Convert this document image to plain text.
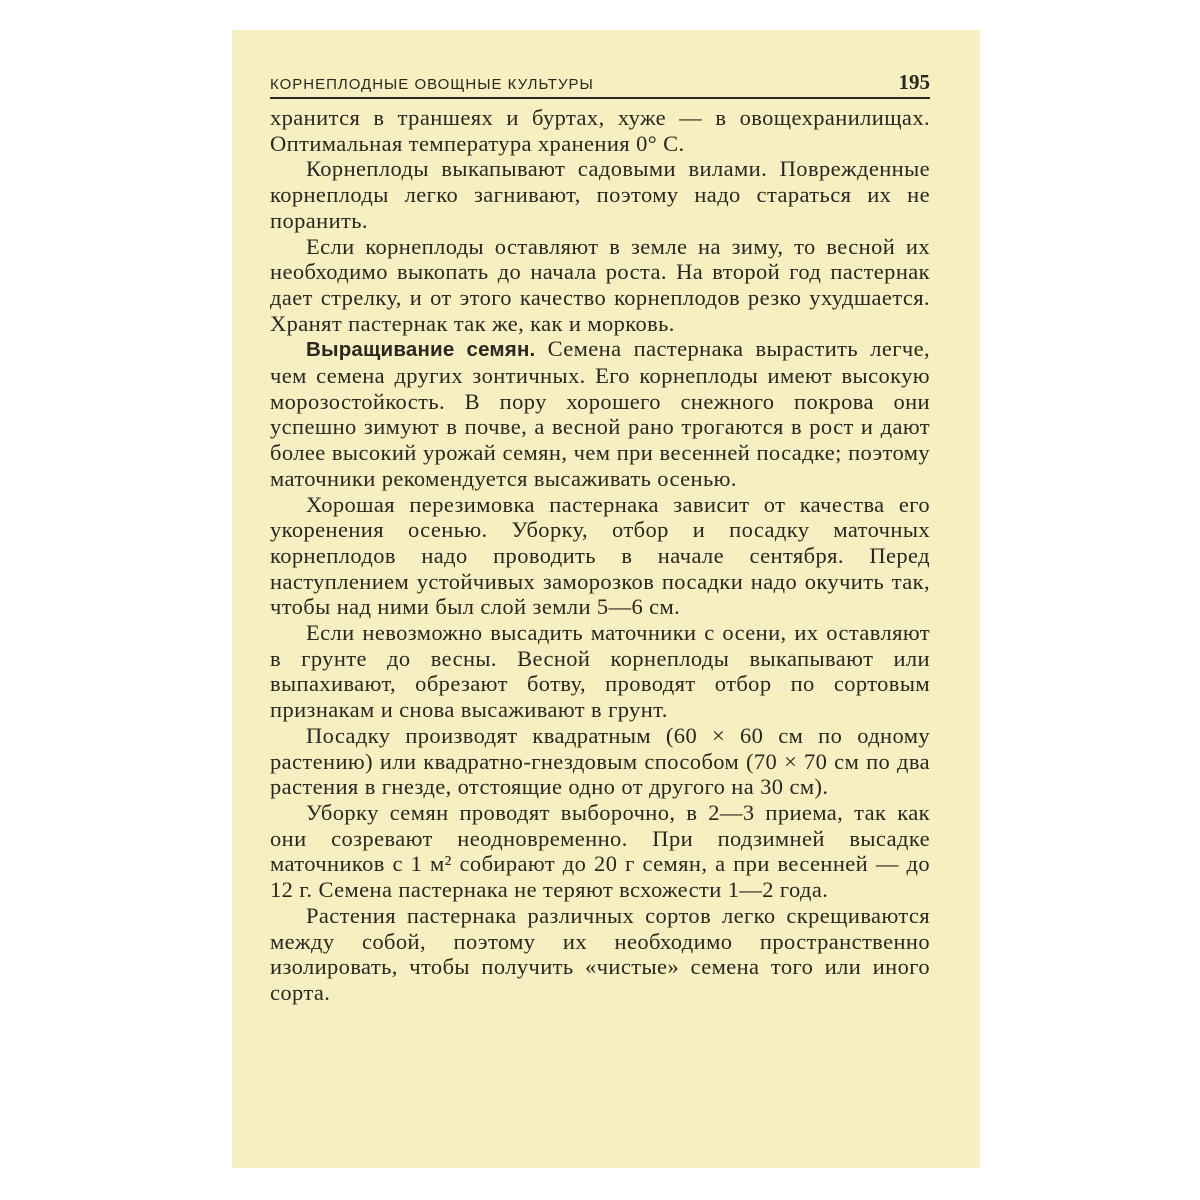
КОРНЕПЛОДНЫЕ ОВОЩНЫЕ КУЛЬТУРЫ	195

хранится в траншеях и буртах, хуже — в овощехранилищах. Оптимальная температура хранения 0° С.

Корнеплоды выкапывают садовыми вилами. Поврежденные корнеплоды легко загнивают, поэтому надо стараться их не поранить.

Если корнеплоды оставляют в земле на зиму, то весной их необходимо выкопать до начала роста. На второй год пастернак дает стрелку, и от этого качество корнеплодов резко ухудшается. Хранят пастернак так же, как и морковь.

Выращивание семян. Семена пастернака вырастить легче, чем семена других зонтичных. Его корнеплоды имеют высокую морозостойкость. В пору хорошего снежного покрова они успешно зимуют в почве, а весной рано трогаются в рост и дают более высокий урожай семян, чем при весенней посадке; поэтому маточники рекомендуется высаживать осенью.

Хорошая перезимовка пастернака зависит от качества его укоренения осенью. Уборку, отбор и посадку маточных корнеплодов надо проводить в начале сентября. Перед наступлением устойчивых заморозков посадки надо окучить так, чтобы над ними был слой земли 5—6 см.

Если невозможно высадить маточники с осени, их оставляют в грунте до весны. Весной корнеплоды выкапывают или выпахивают, обрезают ботву, проводят отбор по сортовым признакам и снова высаживают в грунт.

Посадку производят квадратным (60 × 60 см по одному растению) или квадратно-гнездовым способом (70 × 70 см по два растения в гнезде, отстоящие одно от другого на 30 см).

Уборку семян проводят выборочно, в 2—3 приема, так как они созревают неодновременно. При подзимней высадке маточников с 1 м² собирают до 20 г семян, а при весенней — до 12 г. Семена пастернака не теряют всхожести 1—2 года.

Растения пастернака различных сортов легко скрещиваются между собой, поэтому их необходимо пространственно изолировать, чтобы получить «чистые» семена того или иного сорта.
